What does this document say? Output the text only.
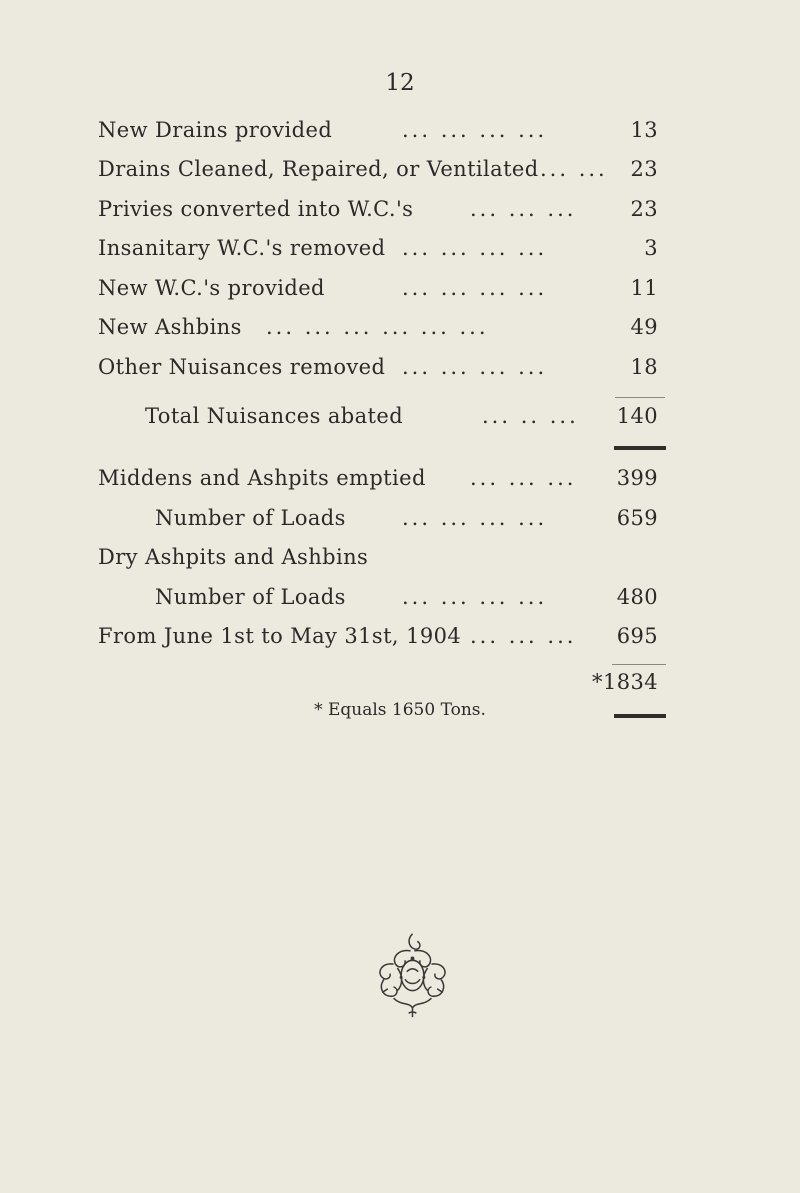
12
New Drains provided	... ... ... ...	13
Drains Cleaned, Repaired, or Ventilated ... ... 23
Privies converted into W.C.'s	... ... ...	23
Insanitary W.C.'s removed ... ... ... ...	3
New W.C.'s provided	... ... ... ...	11
New Ashbins ... ... ... ... ... ...	49
Other Nuisances removed ... ... ... ...	18
Total Nuisances abated	... .. ... 140
Middens and Ashpits emptied ... ... ... 399
Number of Loads	... ... ... ...	659
Dry Ashpits and Ashbins
Number of Loads	... ... ... ...	480
From June 1st to May 31st, 1904 ... ... ... 695
*1834
* Equals 1650 Tons.
